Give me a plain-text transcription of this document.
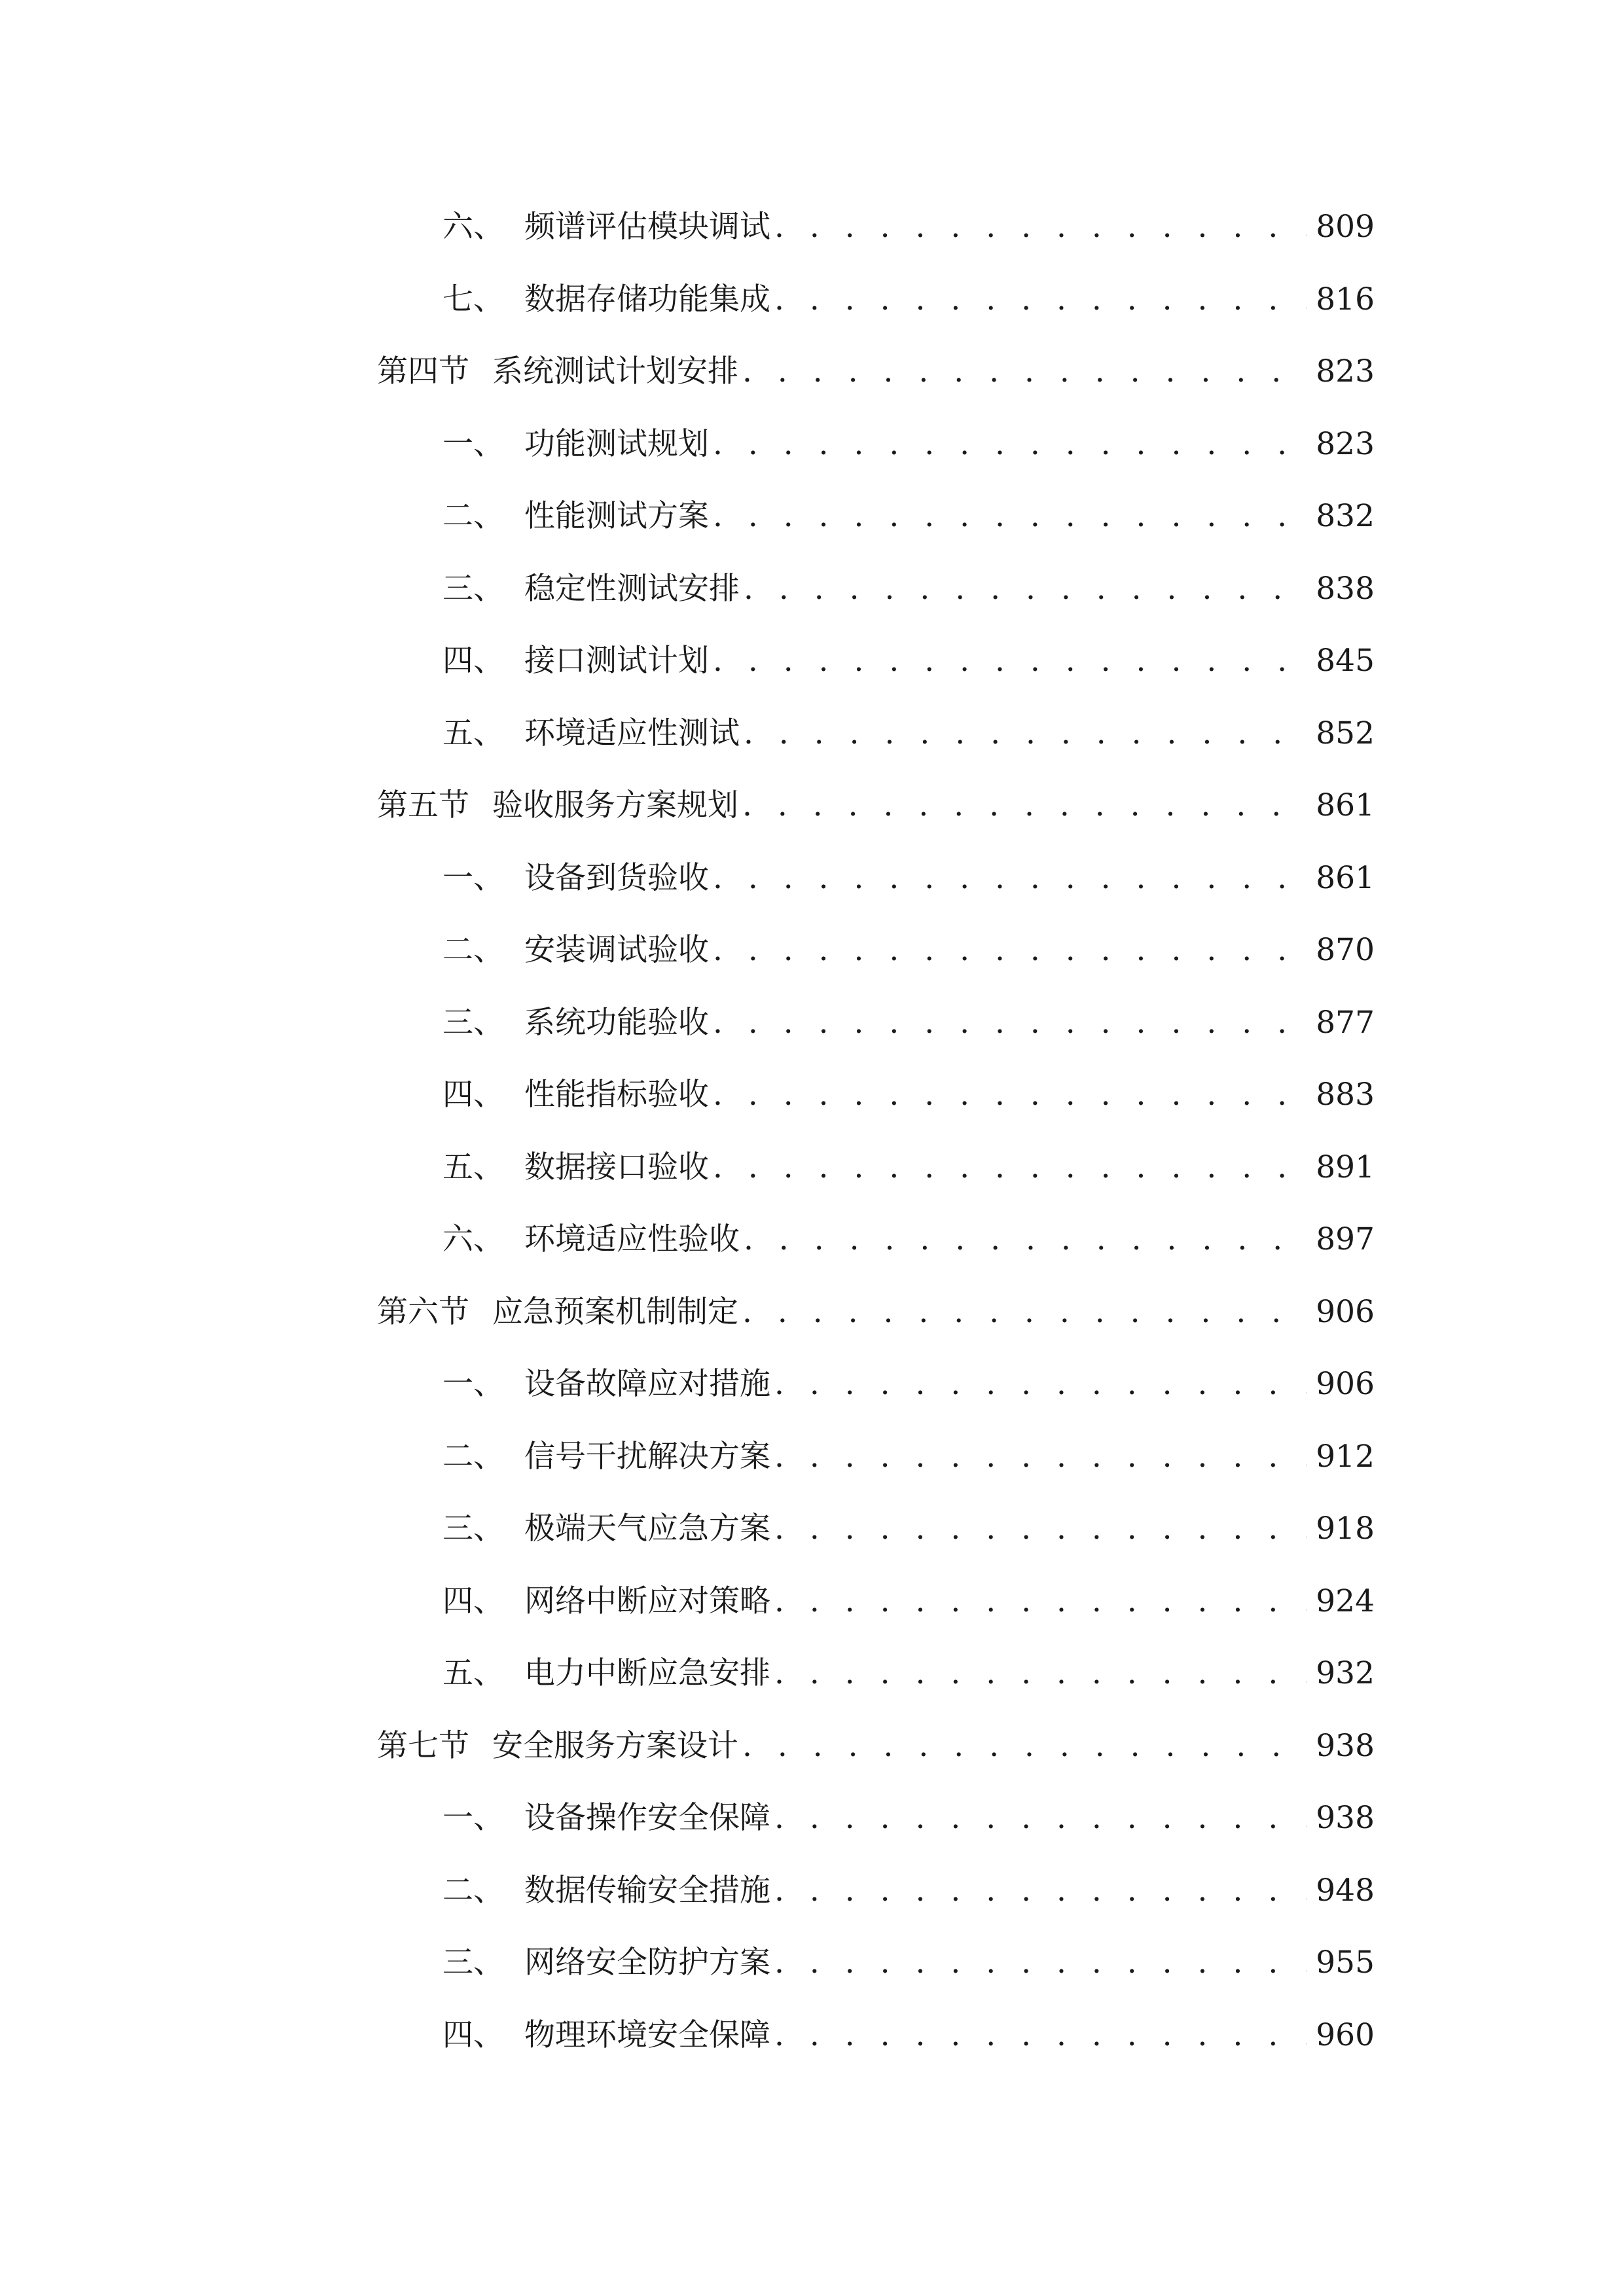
六、 频谱评估模块调试 . . .	809
七、 数据存储功能集成 . . .	816
第四节 系统测试计划安排 . . .	823
一、 功能测试规划 . . .	823
二、 性能测试方案 . . .	832
三、 稳定性测试安排 . . .	838
四、 接口测试计划 . . .	845
五、 环境适应性测试 . . .	852
第五节 验收服务方案规划 . . .	861
一、 设备到货验收 . . .	861
二、 安装调试验收 . . .	870
三、 系统功能验收 . . .	877
四、 性能指标验收 . . .	883
五、 数据接口验收 . . .	891
六、 环境适应性验收 . . .	897
第六节 应急预案机制制定 . . .	906
一、 设备故障应对措施 . . .	906
二、 信号干扰解决方案 . . .	912
三、 极端天气应急方案 . . .	918
四、 网络中断应对策略 . . .	924
五、 电力中断应急安排 . . .	932
第七节 安全服务方案设计 . . .	938
一、 设备操作安全保障 . . .	938
二、 数据传输安全措施 . . .	948
三、 网络安全防护方案 . . .	955
四、 物理环境安全保障 . . .	960
